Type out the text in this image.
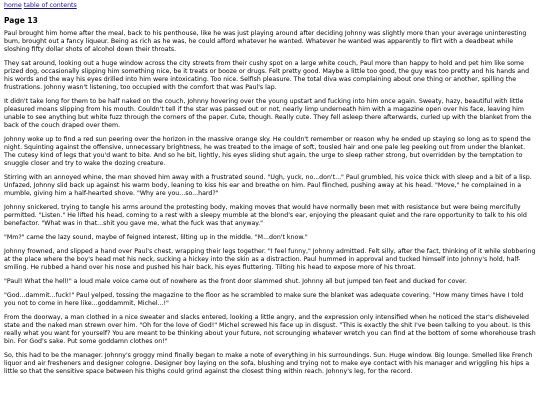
home table of contents
Page 13

Paul brought him home after the meal, back to his penthouse, like he was just playing around after deciding Johnny was slightly more than your average uninteresting bum, brought out a fancy liqueur. Being as rich as he was, he could afford whatever he wanted. Whatever he wanted was apparently to flirt with a deadbeat while sloshing fifty dollar shots of alcohol down their throats.

They sat around, looking out a huge window across the city streets from their cushy spot on a large white couch, Paul more than happy to hold and pet him like some prized dog, occasionally slipping him something nice, be it treats or booze or drugs. Felt pretty good. Maybe a little too good, the guy was too pretty and his hands and his words and the way his eyes drilled into him were intoxicating. Too nice. Selfish pleasure. The total diva was complaining about one thing or another, spilling the frustrations. Johnny wasn't listening, too occupied with the comfort that was Paul's lap.

It didn't take long for them to be half naked on the couch, Johnny hovering over the young upstart and fucking into him once again. Sweaty, hazy, beautiful with little pleasured moans slipping from his mouth. Couldn't tell if the star was passed out or not, nearly limp underneath him with a magazine open over his face, leaving him unable to see anything but white fuzz through the corners of the paper. Cute, though. Really cute. They fell asleep there afterwards, curled up with the blanket from the back of the couch draped over them.

Johnny woke up to find a red sun peering over the horizon in the massive orange sky. He couldn't remember or reason why he ended up staying so long as to spend the night. Squinting against the offensive, unnecessary brightness, he was treated to the image of soft, tousled hair and one pale leg peeking out from under the blanket. The cutesy kind of legs that you'd want to bite. And so he bit, lightly, his eyes sliding shut again, the urge to sleep rather strong, but overridden by the temptation to snuggle closer and try to wake the dozing creature.

Stirring with an annoyed whine, the man shoved him away with a frustrated sound. "Ugh, yuck, no...don't..." Paul grumbled, his voice thick with sleep and a bit of a lisp. Unfazed, Johnny slid back up against his warm body, leaning to kiss his ear and breathe on him. Paul flinched, pushing away at his head. "Move," he complained in a mumble, giving him a half-hearted shove. "Why are you...so...hard?"

Johnny snickered, trying to tangle his arms around the protesting body, making moves that would have normally been met with resistance but were being mercifully permitted. "Listen." He lifted his head, coming to a rest with a sleepy mumble at the blond's ear, enjoying the pleasant quiet and the rare opportunity to talk to his old benefactor. "What was in that...shit you gave me, what the fuck was that anyway."

"Mm?" came the lazy sound, maybe of feigned interest, lilting up in the middle. "M...don't know."

Johnny frowned, and slipped a hand over Paul's chest, wrapping their legs together. "I feel funny," Johnny admitted. Felt silly, after the fact, thinking of it while slobbering at the place where the boy's head met his neck, sucking a hickey into the skin as a distraction. Paul hummed in approval and tucked himself into Johnny's hold, half-smiling. He rubbed a hand over his nose and pushed his hair back, his eyes fluttering. Tilting his head to expose more of his throat.

"Paul! What the hell!" a loud male voice came out of nowhere as the front door slammed shut. Johnny all but jumped ten feet and ducked for cover.

"God...dammit...fuck!" Paul yelped, tossing the magazine to the floor as he scrambled to make sure the blanket was adequate covering. "How many times have I told you not to come in here like...goddammit, Michel...!"

From the doorway, a man clothed in a nice sweater and slacks entered, looking a little angry, and the expression only intensified when he noticed the star's disheveled state and the naked man strewn over him. "Oh for the love of God!" Michel screwed his face up in disgust. "This is exactly the shit I've been talking to you about. Is this really what you want for yourself? You are meant to be thinking about your future, not scrounging whatever wretch you can find at the bottom of some whorehouse trash bin. For God's sake. Put some goddamn clothes on!"

So, this had to be the manager. Johnny's groggy mind finally began to make a note of everything in his surroundings. Sun. Huge window. Big lounge. Smelled like French liquor and air fresheners and designer cologne. Designer boy laying on the sofa, blushing and trying not to make eye contact with his manager and wriggling his hips a little so that the sensitive space between his thighs could grind against the closest thing within reach. Johnny's leg, for the record.
